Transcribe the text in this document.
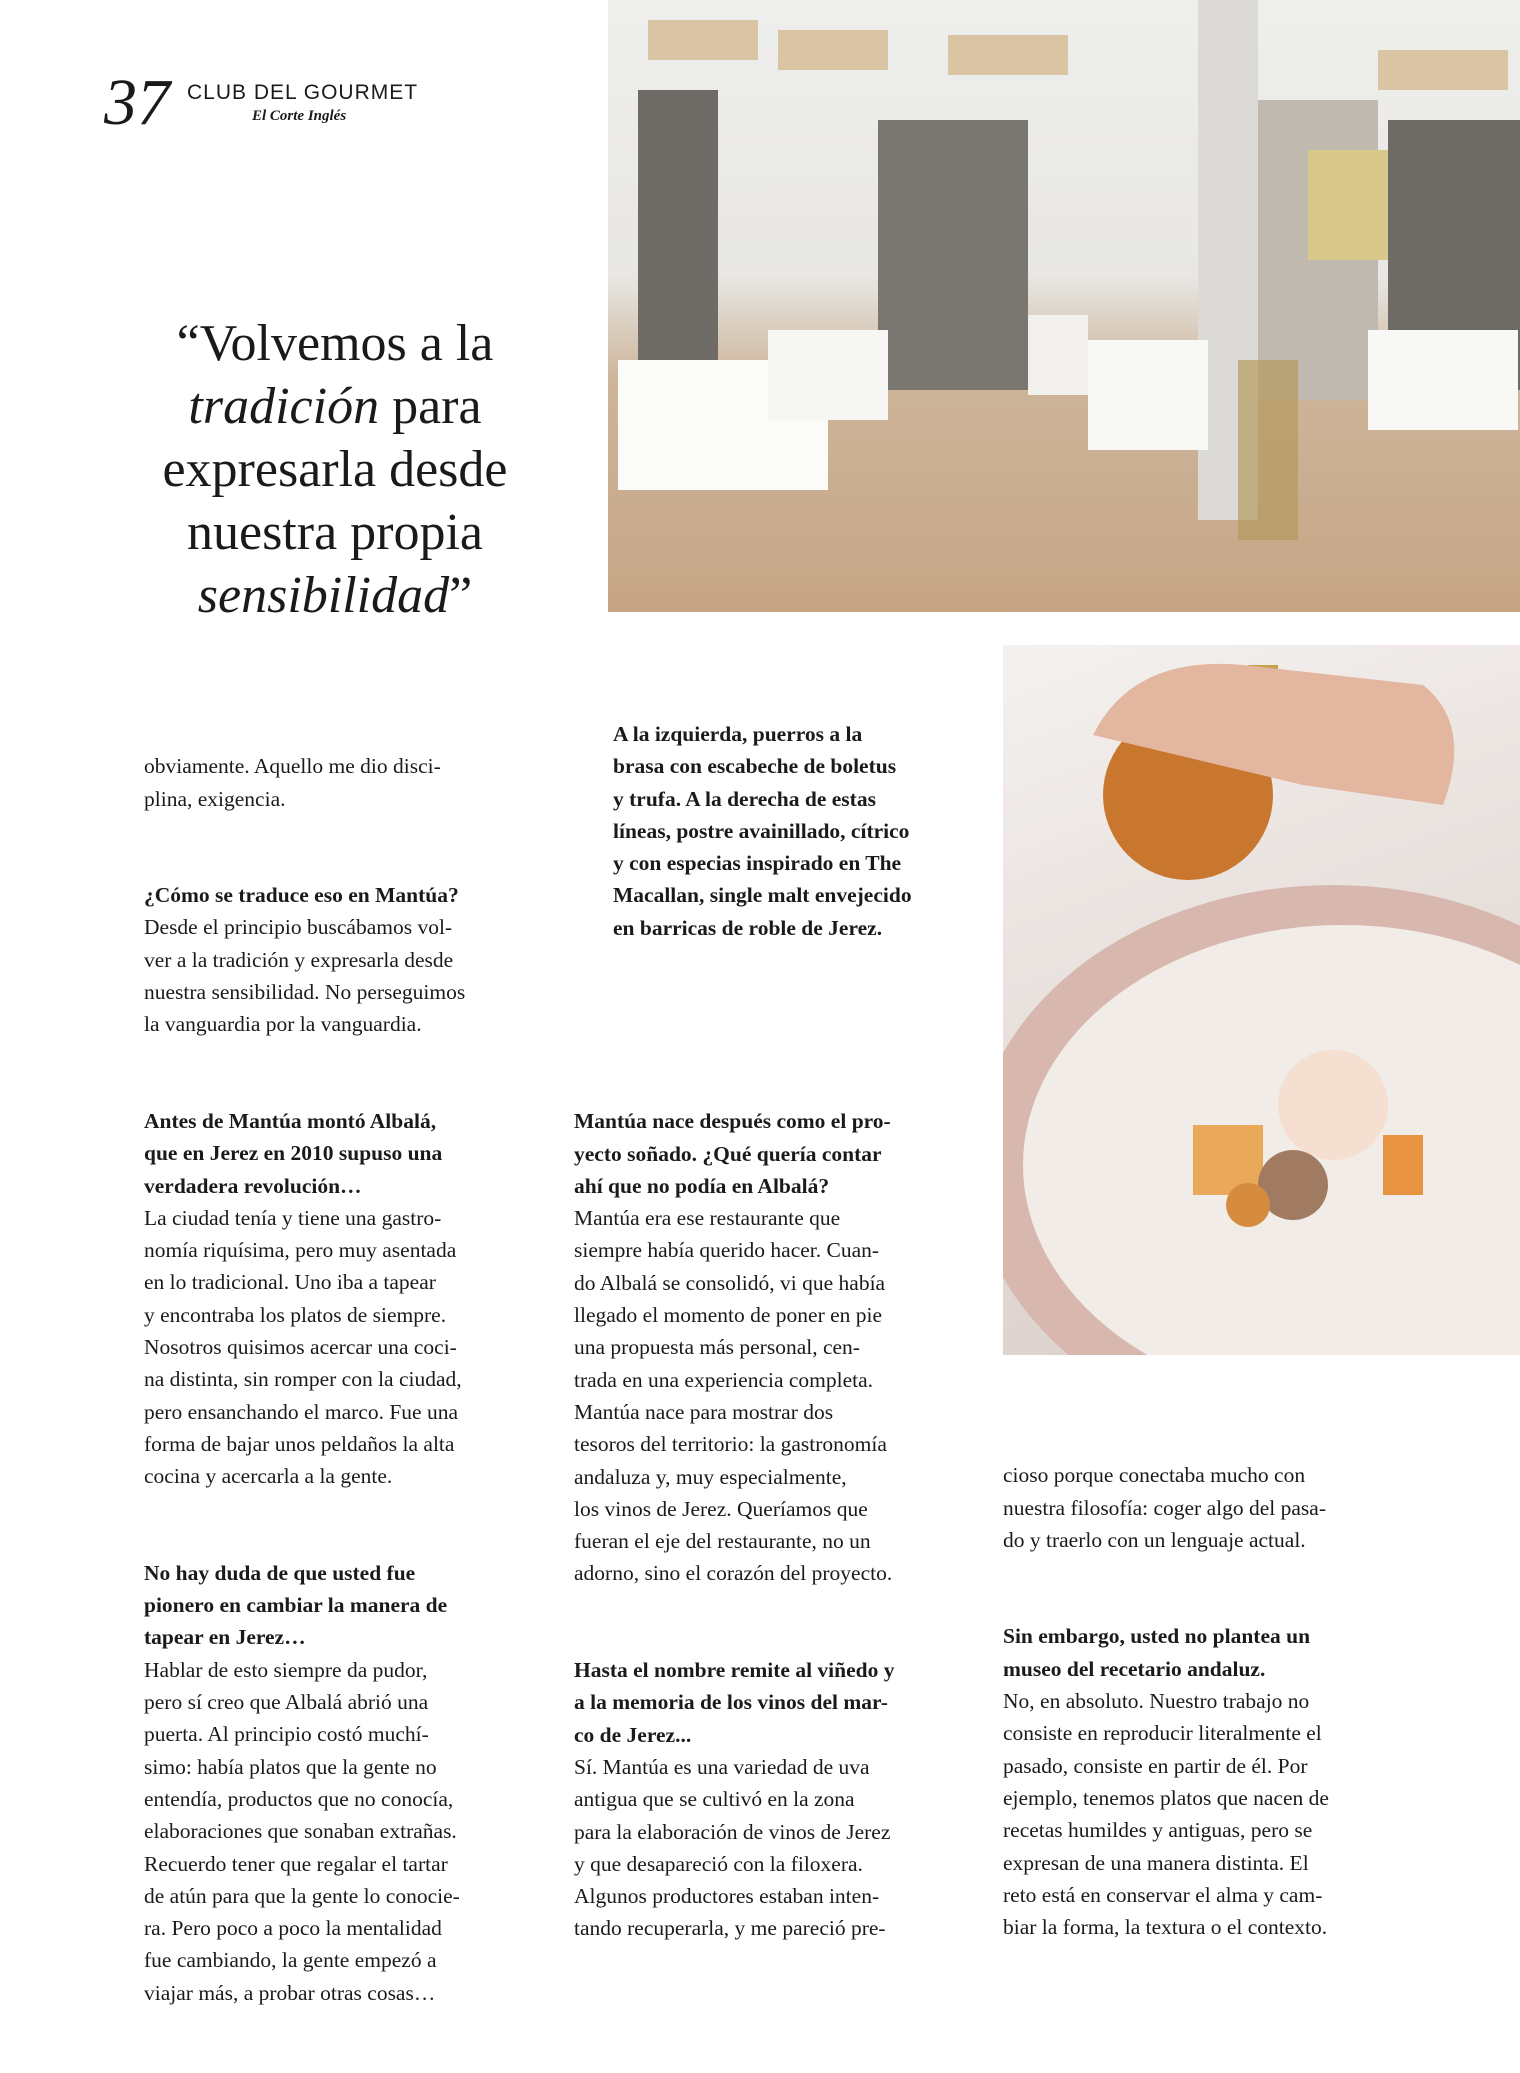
37 CLUB DEL GOURMET
El Corte Inglés
“Volvemos a la
tradición para
expresarla desde
nuestra propia
sensibilidad”
A la izquierda, puerros a la
brasa con escabeche de boletus
y trufa. A la derecha de estas
líneas, postre avainillado, cítrico
y con especias inspirado en The
Macallan, single malt envejecido
en barricas de roble de Jerez.

obviamente. Aquello me dio disci-
plina, exigencia.

¿Cómo se traduce eso en Mantúa?
Desde el principio buscábamos vol-
ver a la tradición y expresarla desde
nuestra sensibilidad. No perseguimos
la vanguardia por la vanguardia.

Antes de Mantúa montó Albalá,
que en Jerez en 2010 supuso una
verdadera revolución…
La ciudad tenía y tiene una gastro-
nomía riquísima, pero muy asentada
en lo tradicional. Uno iba a tapear
y encontraba los platos de siempre.
Nosotros quisimos acercar una coci-
na distinta, sin romper con la ciudad,
pero ensanchando el marco. Fue una
forma de bajar unos peldaños la alta
cocina y acercarla a la gente.

No hay duda de que usted fue
pionero en cambiar la manera de
tapear en Jerez…
Hablar de esto siempre da pudor,
pero sí creo que Albalá abrió una
puerta. Al principio costó muchí-
simo: había platos que la gente no
entendía, productos que no conocía,
elaboraciones que sonaban extrañas.
Recuerdo tener que regalar el tartar
de atún para que la gente lo conocie-
ra. Pero poco a poco la mentalidad
fue cambiando, la gente empezó a
viajar más, a probar otras cosas…

Mantúa nace después como el pro-
yecto soñado. ¿Qué quería contar
ahí que no podía en Albalá?
Mantúa era ese restaurante que
siempre había querido hacer. Cuan-
do Albalá se consolidó, vi que había
llegado el momento de poner en pie
una propuesta más personal, cen-
trada en una experiencia completa.
Mantúa nace para mostrar dos
tesoros del territorio: la gastronomía
andaluza y, muy especialmente,
los vinos de Jerez. Queríamos que
fueran el eje del restaurante, no un
adorno, sino el corazón del proyecto.

Hasta el nombre remite al viñedo y
a la memoria de los vinos del mar-
co de Jerez...
Sí. Mantúa es una variedad de uva
antigua que se cultivó en la zona
para la elaboración de vinos de Jerez
y que desapareció con la filoxera.
Algunos productores estaban inten-
tando recuperarla, y me pareció pre-

cioso porque conectaba mucho con
nuestra filosofía: coger algo del pasa-
do y traerlo con un lenguaje actual.

Sin embargo, usted no plantea un
museo del recetario andaluz.
No, en absoluto. Nuestro trabajo no
consiste en reproducir literalmente el
pasado, consiste en partir de él. Por
ejemplo, tenemos platos que nacen de
recetas humildes y antiguas, pero se
expresan de una manera distinta. El
reto está en conservar el alma y cam-
biar la forma, la textura o el contexto.
